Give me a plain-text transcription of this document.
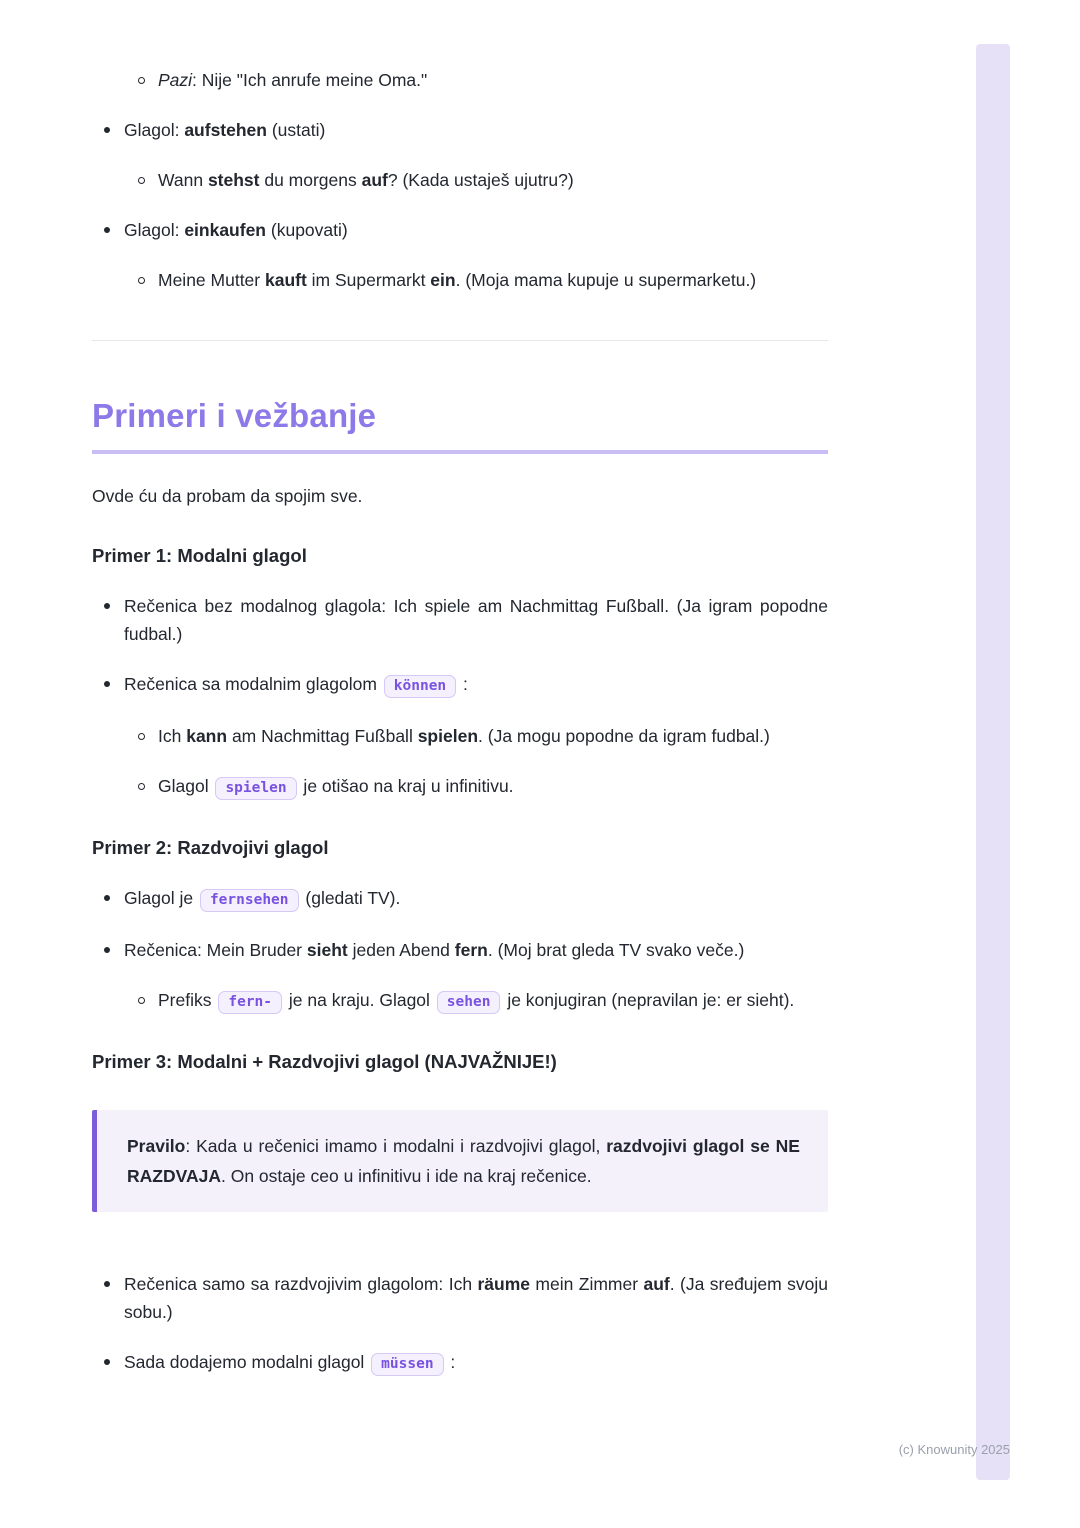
Pazi: Nije "Ich anrufe meine Oma."
Glagol: aufstehen (ustati)
Wann stehst du morgens auf? (Kada ustaješ ujutru?)
Glagol: einkaufen (kupovati)
Meine Mutter kauft im Supermarkt ein. (Moja mama kupuje u supermarketu.)
Primeri i vežbanje

Ovde ću da probam da spojim sve.

Primer 1: Modalni glagol
Rečenica bez modalnog glagola: Ich spiele am Nachmittag Fußball. (Ja igram popodne fudbal.)
Rečenica sa modalnim glagolom können :
Ich kann am Nachmittag Fußball spielen. (Ja mogu popodne da igram fudbal.)
Glagol spielen je otišao na kraj u infinitivu.
Primer 2: Razdvojivi glagol
Glagol je fernsehen (gledati TV).
Rečenica: Mein Bruder sieht jeden Abend fern. (Moj brat gleda TV svako veče.)
Prefiks fern- je na kraju. Glagol sehen je konjugiran (nepravilan je: er sieht).
Primer 3: Modalni + Razdvojivi glagol (NAJVAŽNIJE!)
Pravilo: Kada u rečenici imamo i modalni i razdvojivi glagol, razdvojivi glagol se NE RAZDVAJA. On ostaje ceo u infinitivu i ide na kraj rečenice.
Rečenica samo sa razdvojivim glagolom: Ich räume mein Zimmer auf. (Ja sređujem svoju sobu.)
Sada dodajemo modalni glagol müssen :
(c) Knowunity 2025
